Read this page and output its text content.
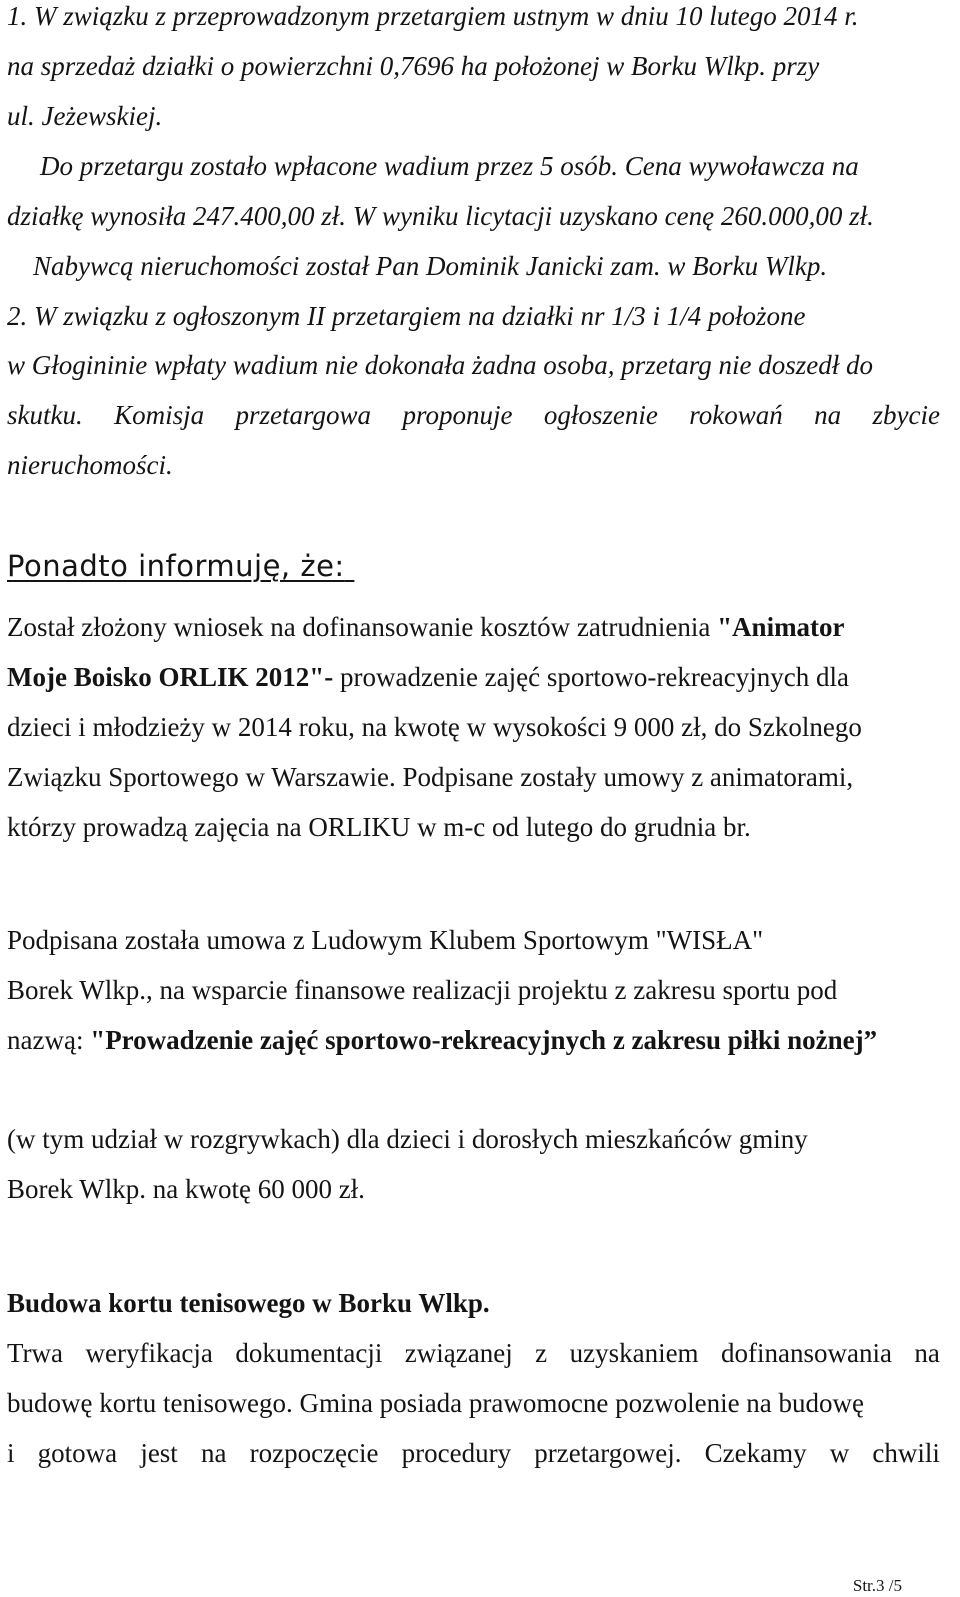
1. W związku z przeprowadzonym przetargiem ustnym w dniu 10 lutego 2014 r.
na sprzedaż działki o powierzchni 0,7696 ha położonej w Borku Wlkp. przy
ul. Jeżewskiej.
Do przetargu zostało wpłacone wadium przez 5 osób. Cena wywoławcza na
działkę wynosiła 247.400,00 zł. W wyniku licytacji uzyskano cenę 260.000,00 zł.
Nabywcą nieruchomości został Pan Dominik Janicki zam. w Borku Wlkp.
2. W związku z ogłoszonym II przetargiem na działki nr 1/3 i 1/4 położone
w Głogininie wpłaty wadium nie dokonała żadna osoba, przetarg nie doszedł do
skutku. Komisja przetargowa proponuje ogłoszenie rokowań na zbycie
nieruchomości.
Ponadto informuję, że:
Został złożony wniosek na dofinansowanie kosztów zatrudnienia "Animator
Moje Boisko ORLIK 2012"- prowadzenie zajęć sportowo-rekreacyjnych dla
dzieci i młodzieży w 2014 roku, na kwotę w wysokości 9 000 zł, do Szkolnego
Związku Sportowego w Warszawie. Podpisane zostały umowy z animatorami,
którzy prowadzą zajęcia na ORLIKU w m-c od lutego do grudnia br.
Podpisana została umowa z Ludowym Klubem Sportowym "WISŁA"
Borek Wlkp., na wsparcie finansowe realizacji projektu z zakresu sportu pod
nazwą: "Prowadzenie zajęć sportowo-rekreacyjnych z zakresu piłki nożnej”
(w tym udział w rozgrywkach) dla dzieci i dorosłych mieszkańców gminy
Borek Wlkp. na kwotę 60 000 zł.
Budowa kortu tenisowego w Borku Wlkp.
Trwa weryfikacja dokumentacji związanej z uzyskaniem dofinansowania na
budowę kortu tenisowego. Gmina posiada prawomocne pozwolenie na budowę
i gotowa jest na rozpoczęcie procedury przetargowej. Czekamy w chwili
Str.3 /5
